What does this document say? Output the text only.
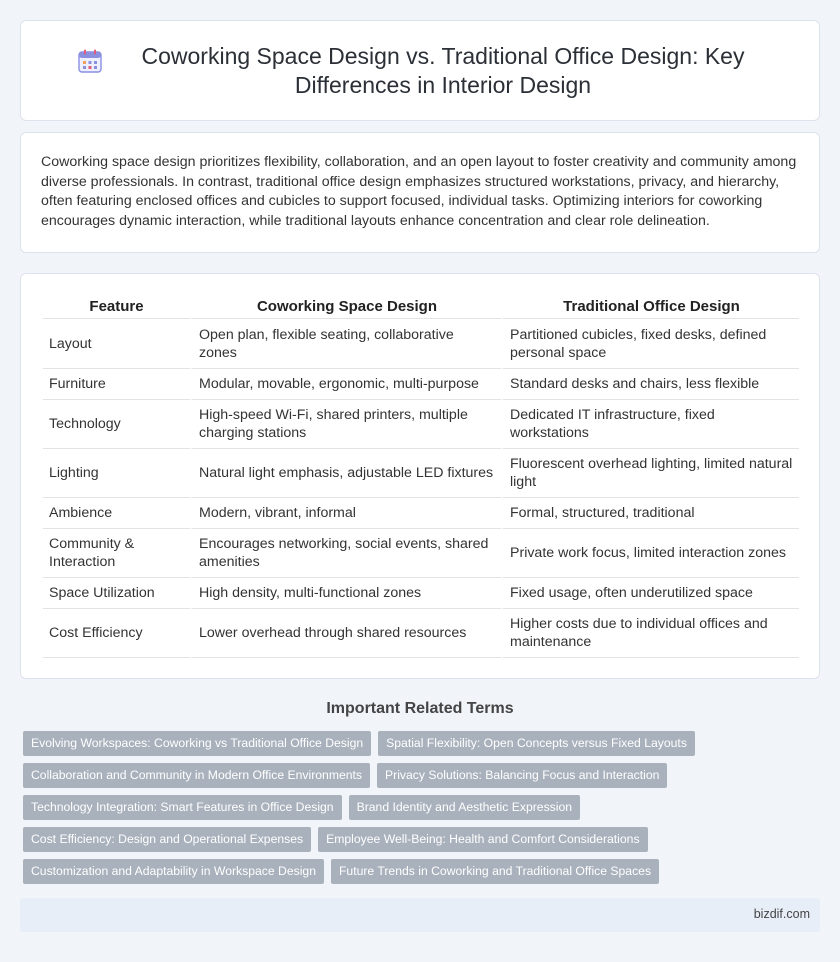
Coworking Space Design vs. Traditional Office Design: Key Differences in Interior Design

Coworking space design prioritizes flexibility, collaboration, and an open layout to foster creativity and community among diverse professionals. In contrast, traditional office design emphasizes structured workstations, privacy, and hierarchy, often featuring enclosed offices and cubicles to support focused, individual tasks. Optimizing interiors for coworking encourages dynamic interaction, while traditional layouts enhance concentration and clear role delineation.

Feature	Coworking Space Design	Traditional Office Design
Layout	Open plan, flexible seating, collaborative zones	Partitioned cubicles, fixed desks, defined personal space
Furniture	Modular, movable, ergonomic, multi-purpose	Standard desks and chairs, less flexible
Technology	High-speed Wi-Fi, shared printers, multiple charging stations	Dedicated IT infrastructure, fixed workstations
Lighting	Natural light emphasis, adjustable LED fixtures	Fluorescent overhead lighting, limited natural light
Ambience	Modern, vibrant, informal	Formal, structured, traditional
Community & Interaction	Encourages networking, social events, shared amenities	Private work focus, limited interaction zones
Space Utilization	High density, multi-functional zones	Fixed usage, often underutilized space
Cost Efficiency	Lower overhead through shared resources	Higher costs due to individual offices and maintenance
Important Related Terms
Evolving Workspaces: Coworking vs Traditional Office Design	Spatial Flexibility: Open Concepts versus Fixed Layouts
Collaboration and Community in Modern Office Environments	Privacy Solutions: Balancing Focus and Interaction
Technology Integration: Smart Features in Office Design	Brand Identity and Aesthetic Expression
Cost Efficiency: Design and Operational Expenses	Employee Well-Being: Health and Comfort Considerations
Customization and Adaptability in Workspace Design	Future Trends in Coworking and Traditional Office Spaces
bizdif.com
